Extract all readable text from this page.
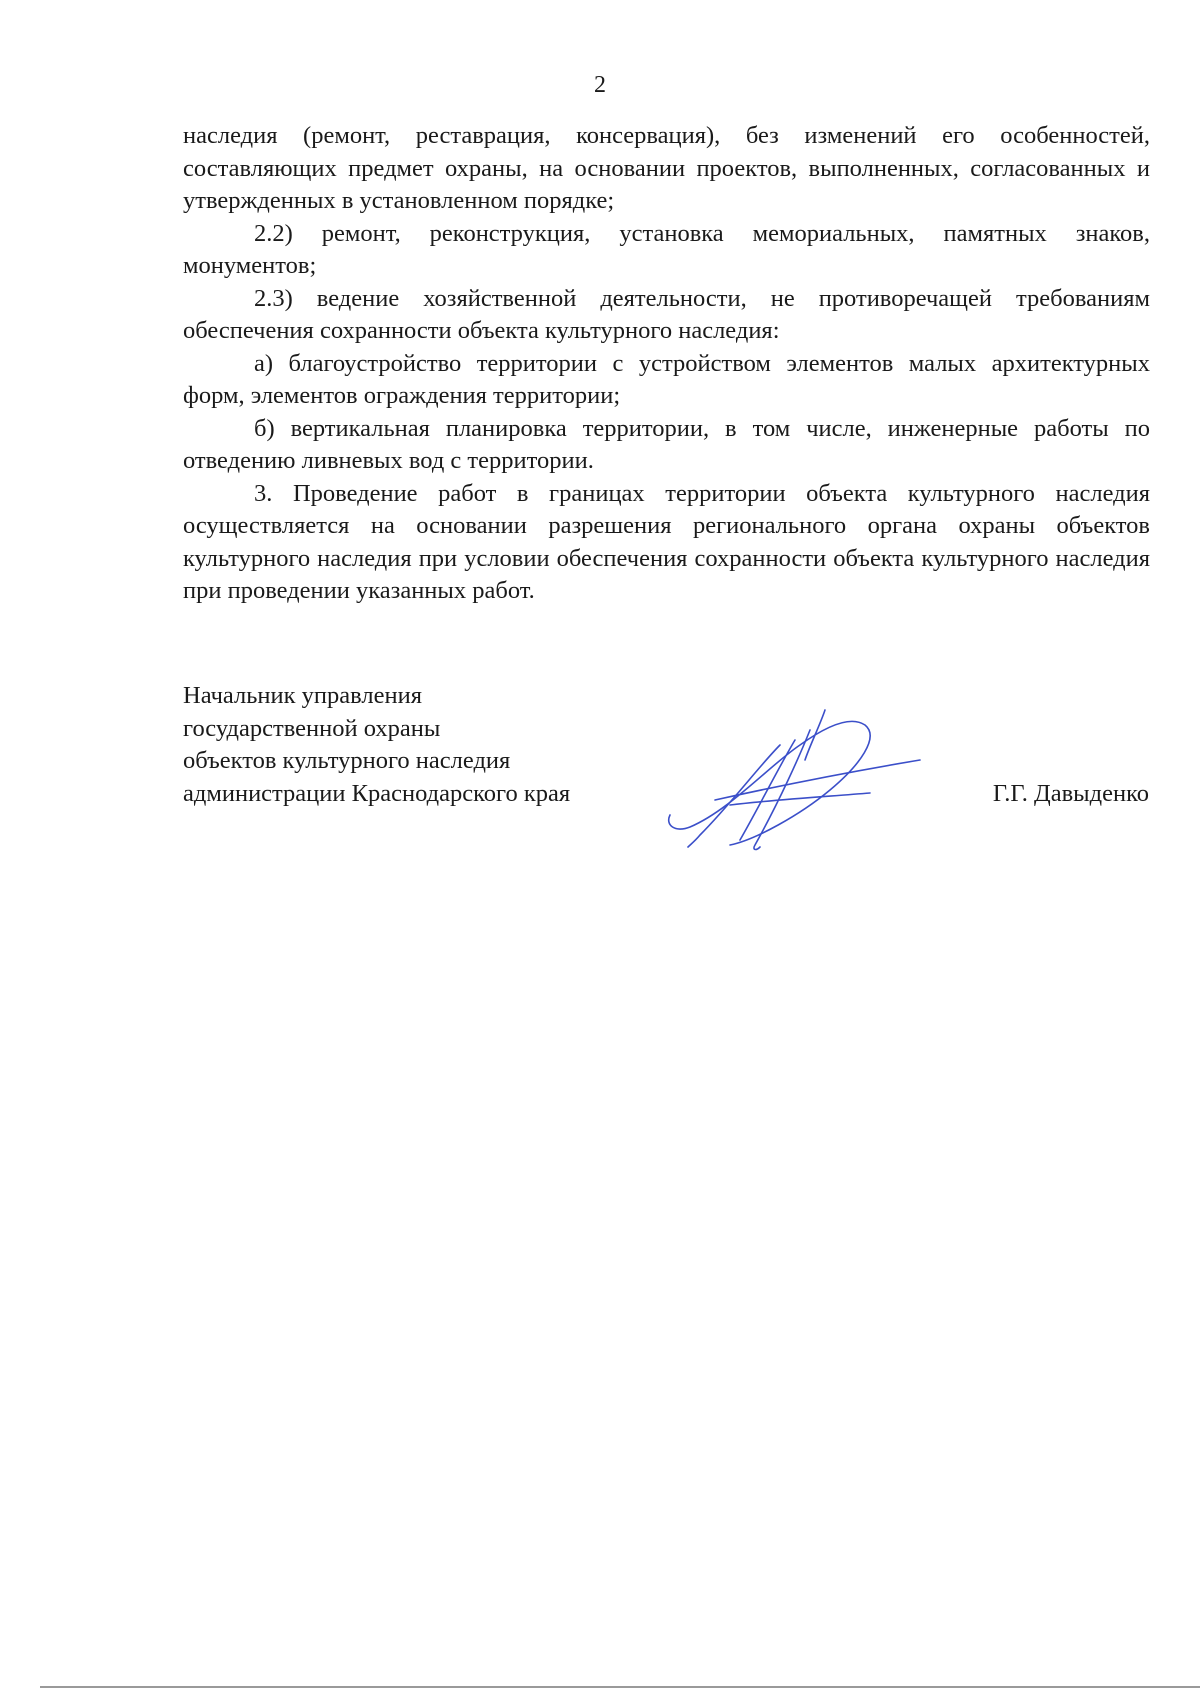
2

наследия (ремонт, реставрация, консервация), без изменений его особенностей, составляющих предмет охраны, на основании проектов, выполненных, согласованных и утвержденных в установленном порядке;

2.2) ремонт, реконструкция, установка мемориальных, памятных знаков, монументов;

2.3) ведение хозяйственной деятельности, не противоречащей требованиям обеспечения сохранности объекта культурного наследия:

а) благоустройство территории с устройством элементов малых архитектурных форм, элементов ограждения территории;

б) вертикальная планировка территории, в том числе, инженерные работы по отведению ливневых вод с территории.

3. Проведение работ в границах территории объекта культурного наследия осуществляется на основании разрешения регионального органа охраны объектов культурного наследия при условии обеспечения сохранности объекта культурного наследия при проведении указанных работ.

Начальник управления
государственной охраны
объектов культурного наследия
администрации Краснодарского края	Г.Г. Давыденко
